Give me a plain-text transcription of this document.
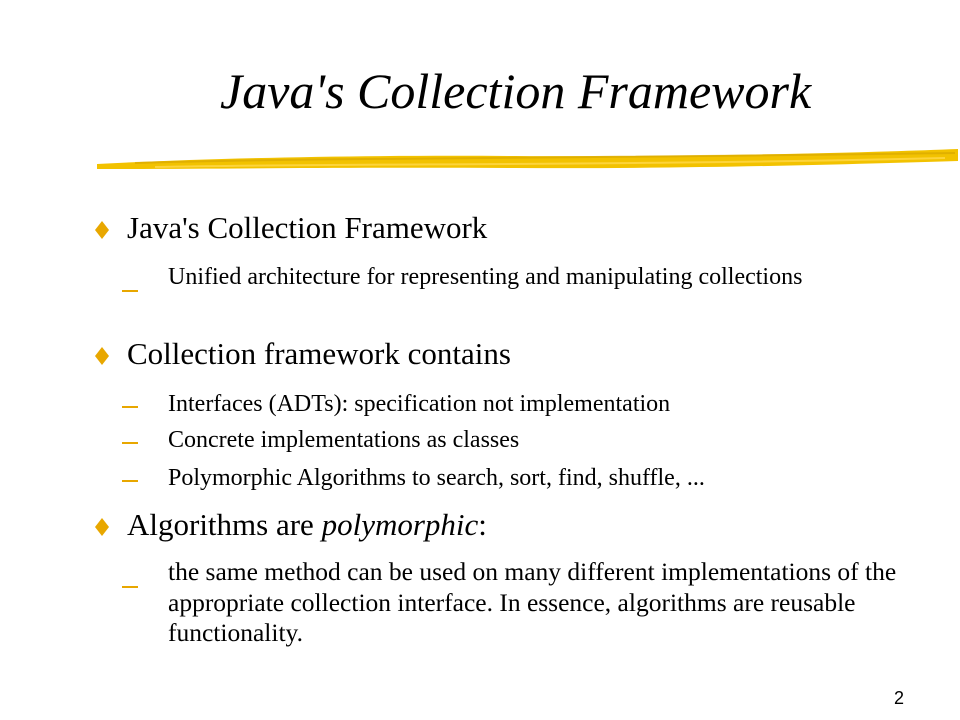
Java's Collection Framework

Java's Collection Framework

Unified architecture for representing and manipulating collections

Collection framework contains

Interfaces (ADTs): specification not implementation

Concrete implementations as classes

Polymorphic Algorithms to search, sort, find, shuffle, ...

Algorithms are polymorphic:

the same method can be used on many different implementations of the appropriate collection interface. In essence, algorithms are reusable functionality.

2
